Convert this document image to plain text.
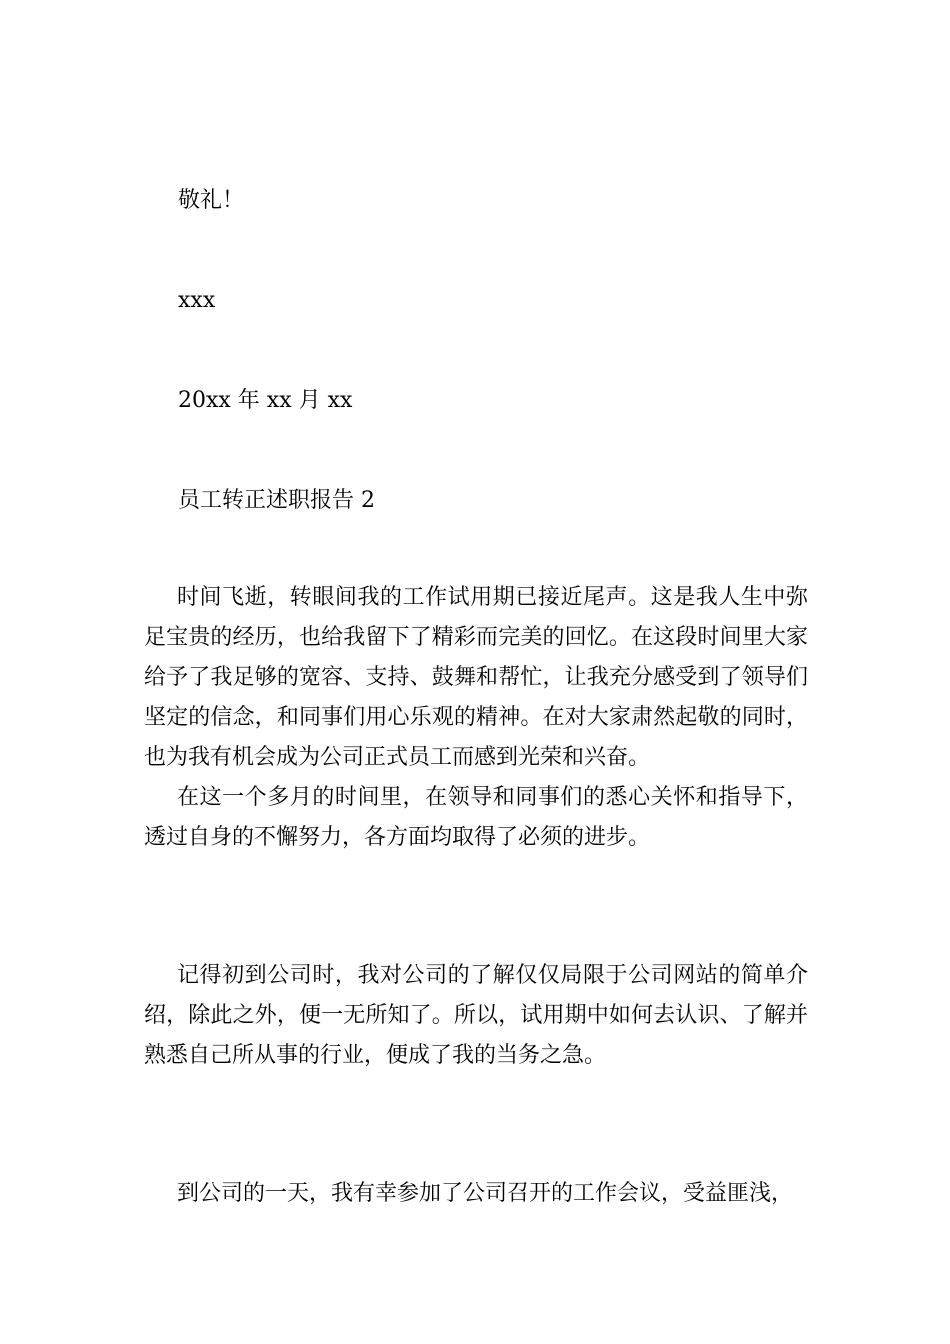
敬礼！
xxx
20xx 年 xx 月 xx
员工转正述职报告 2
时间飞逝，转眼间我的工作试用期已接近尾声。这是我人生中弥足宝贵的经历，也给我留下了精彩而完美的回忆。在这段时间里大家给予了我足够的宽容、支持、鼓舞和帮忙，让我充分感受到了领导们坚定的信念，和同事们用心乐观的精神。在对大家肃然起敬的同时，也为我有机会成为公司正式员工而感到光荣和兴奋。
在这一个多月的时间里，在领导和同事们的悉心关怀和指导下，透过自身的不懈努力，各方面均取得了必须的进步。
记得初到公司时，我对公司的了解仅仅局限于公司网站的简单介绍，除此之外，便一无所知了。所以，试用期中如何去认识、了解并熟悉自己所从事的行业，便成了我的当务之急。
到公司的一天，我有幸参加了公司召开的工作会议，受益匪浅，
